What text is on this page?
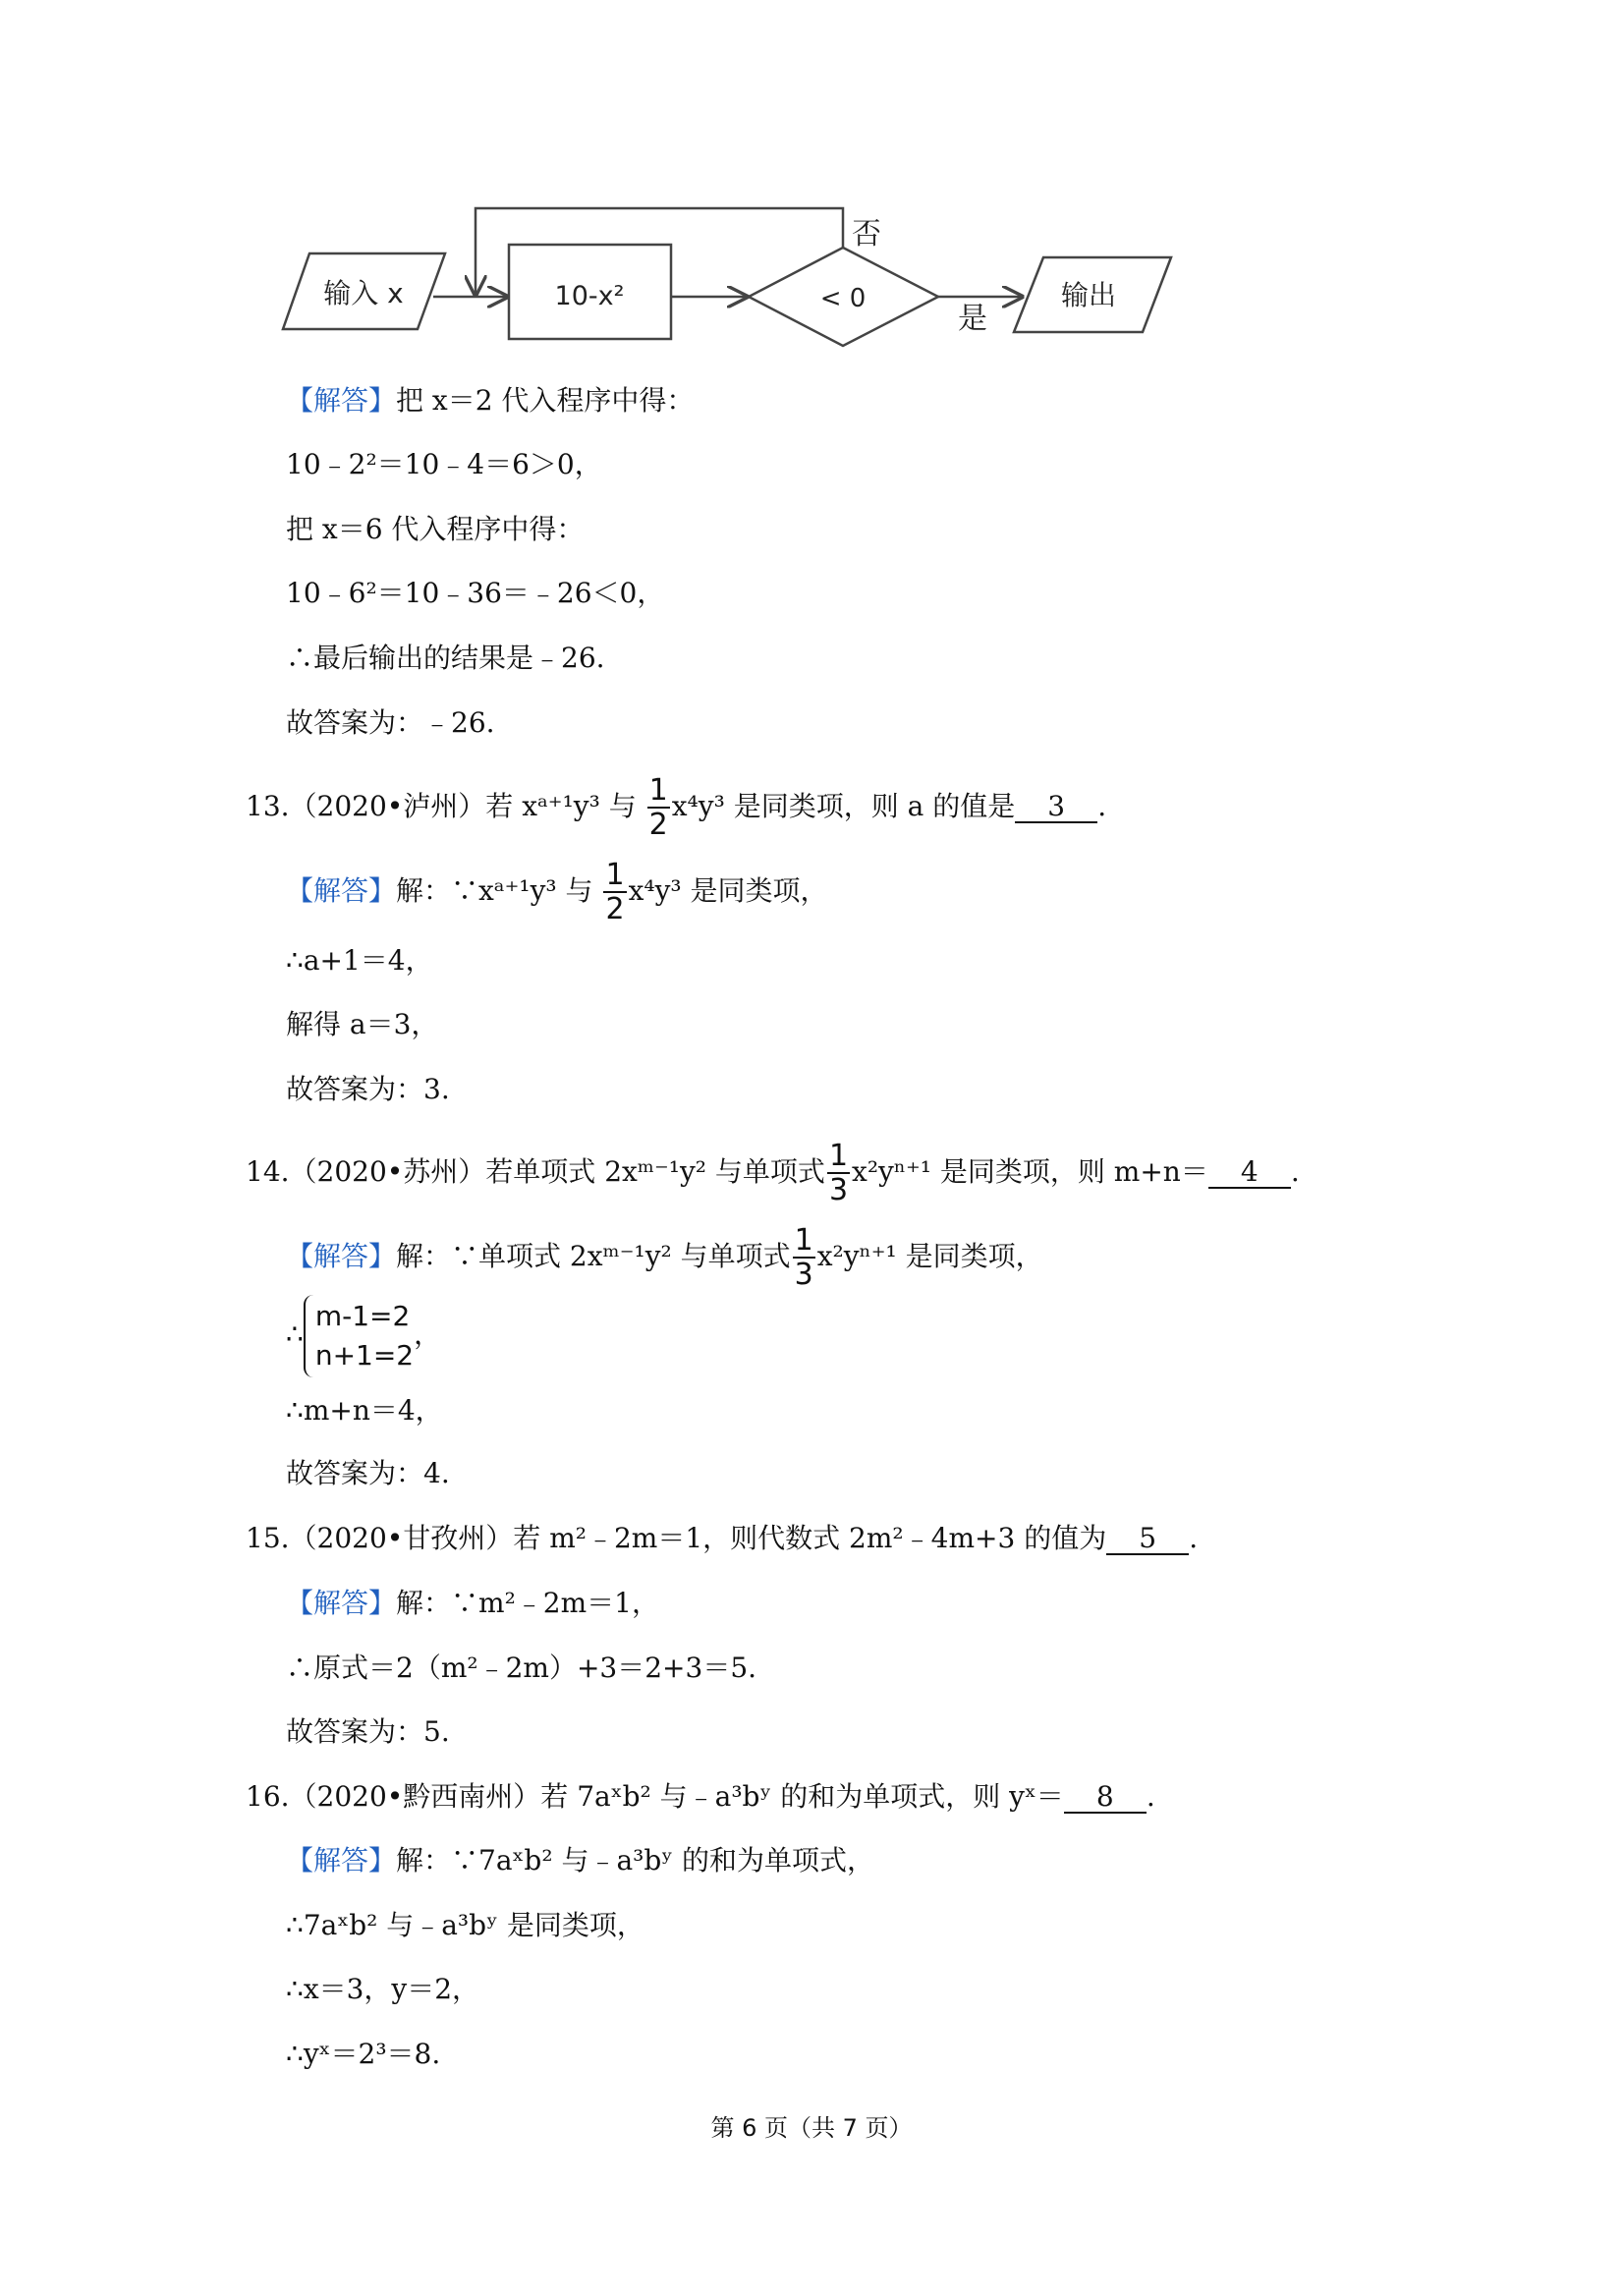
输入 x	10-x²	< 0
否
是
输出
【解答】把 x＝2 代入程序中得：
10﹣2²＝10﹣4＝6＞0，
把 x＝6 代入程序中得：
10﹣6²＝10﹣36＝﹣26＜0，
∴最后输出的结果是﹣26.
故答案为：﹣26.
13.（2020•泸州）若 xᵃ⁺¹y³ 与 $\frac{1}{2} x^4y^3$ 是同类项，则 a 的值是 3 .
【解答】解：∵xᵃ⁺¹y³ 与 $\frac{1}{2} x^4y^3$ 是同类项，
∴a+1＝4，
解得 a＝3，
故答案为：3.
14.（2020•苏州）若单项式 2xᵐ⁻¹y² 与单项式 $\frac{1}{3} x^2y^{n+1}$ 是同类项，则 m+n＝ 4 .
【解答】解：∵单项式 2xᵐ⁻¹y² 与单项式 $\frac{1}{3} x^2y^{n+1}$ 是同类项，
∴
m-1=2
n+1=2
，
∴m+n＝4，
故答案为：4.
15.（2020•甘孜州）若 m²﹣2m＝1，则代数式 2m²﹣4m+3 的值为 5 .
【解答】解：∵m²﹣2m＝1，
∴原式＝2（m²﹣2m）+3＝2+3＝5.
故答案为：5.
16.（2020•黔西南州）若 7aˣb² 与﹣a³bʸ 的和为单项式，则 yˣ＝ 8 .
【解答】解：∵7aˣb² 与﹣a³bʸ 的和为单项式，
∴7aˣb² 与﹣a³bʸ 是同类项，
∴x＝3，y＝2，
∴yˣ＝2³＝8.
第 6 页（共 7 页）
